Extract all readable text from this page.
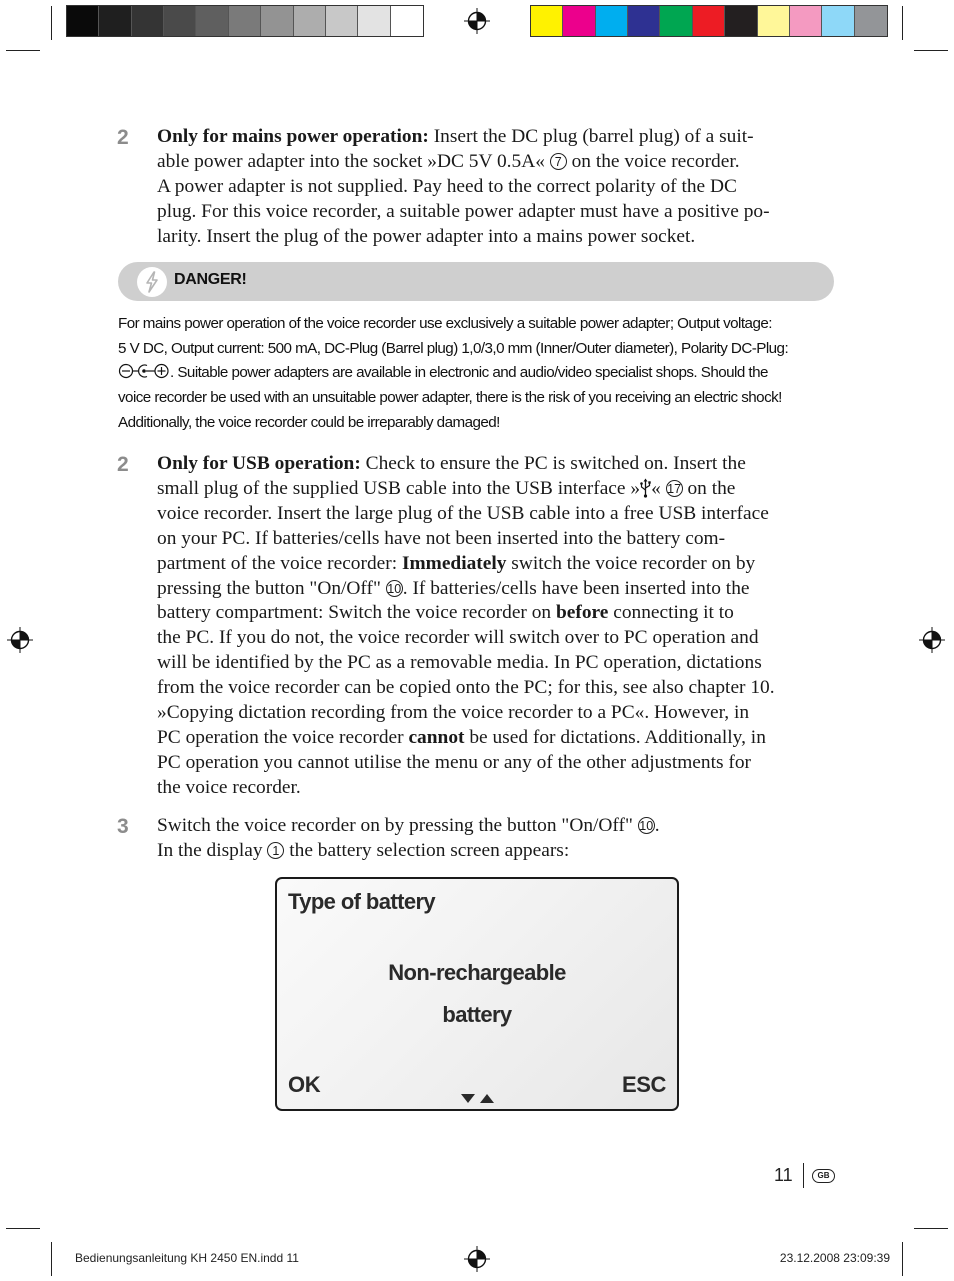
2 Only for mains power operation: Insert the DC plug (barrel plug) of a suit-
able power adapter into the socket »DC 5V 0.5A« 7 on the voice recorder.
A power adapter is not supplied. Pay heed to the correct polarity of the DC
plug. For this voice recorder, a suitable power adapter must have a positive po-
larity. Insert the plug of the power adapter into a mains power socket.
DANGER!
For mains power operation of the voice recorder use exclusively a suitable power adapter; Output voltage:
5 V DC, Output current: 500 mA, DC-Plug (Barrel plug) 1,0/3,0 mm (Inner/Outer diameter), Polarity DC-Plug:
. Suitable power adapters are available in electronic and audio/video specialist shops. Should the
voice recorder be used with an unsuitable power adapter, there is the risk of you receiving an electric shock!
Additionally, the voice recorder could be irreparably damaged!
2 Only for USB operation: Check to ensure the PC is switched on. Insert the
small plug of the supplied USB cable into the USB interface » « 17 on the
voice recorder. Insert the large plug of the USB cable into a free USB interface
on your PC. If batteries/cells have not been inserted into the battery com-
partment of the voice recorder: Immediately switch the voice recorder on by
pressing the button "On/Off" 10. If batteries/cells have been inserted into the
battery compartment: Switch the voice recorder on before connecting it to
the PC. If you do not, the voice recorder will switch over to PC operation and
will be identified by the PC as a removable media. In PC operation, dictations
from the voice recorder can be copied onto the PC; for this, see also chapter 10.
»Copying dictation recording from the voice recorder to a PC«. However, in
PC operation the voice recorder cannot be used for dictations. Additionally, in
PC operation you cannot utilise the menu or any of the other adjustments for
the voice recorder.
3 Switch the voice recorder on by pressing the button "On/Off" 10.
In the display 1 the battery selection screen appears:
Type of battery
Non-rechargeable
battery
OK	ESC
11	GB
Bedienungsanleitung KH 2450 EN.indd 11	23.12.2008 23:09:39
